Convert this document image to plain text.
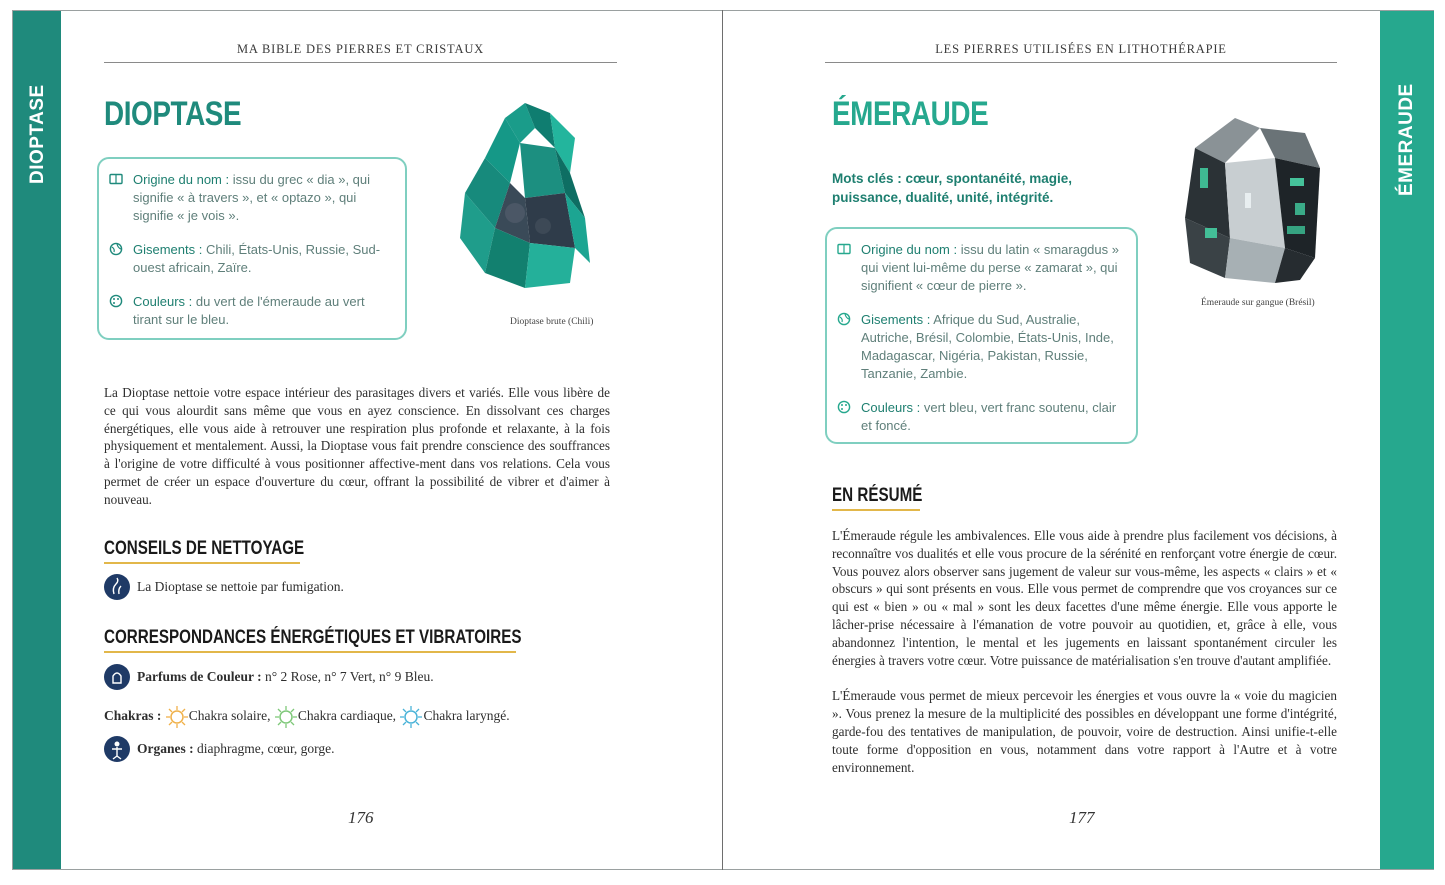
DIOPTASE
MA BIBLE DES PIERRES ET CRISTAUX
DIOPTASE
Origine du nom : issu du grec « dia », qui signifie « à travers », et « optazo », qui signifie « je vois ».
Gisements : Chili, États-Unis, Russie, Sud-ouest africain, Zaïre.
Couleurs : du vert de l'émeraude au vert tirant sur le bleu.	Dioptase brute (Chili)
La Dioptase nettoie votre espace intérieur des parasitages divers et variés. Elle vous libère de ce qui vous alourdit sans même que vous en ayez conscience. En dissolvant ces charges énergétiques, elle vous aide à retrouver une respiration plus profonde et relaxante, à la fois physiquement et mentalement. Aussi, la Dioptase vous fait prendre conscience des souffrances à l'origine de votre difficulté à vous positionner affective-ment dans vos relations. Cela vous permet de créer un espace d'ouverture du cœur, offrant la possibilité de vibrer et d'aimer à nouveau.
CONSEILS DE NETTOYAGE
La Dioptase se nettoie par fumigation.
CORRESPONDANCES ÉNERGÉTIQUES ET VIBRATOIRES
Parfums de Couleur : n° 2 Rose, n° 7 Vert, n° 9 Bleu.
Chakras : Chakra solaire, Chakra cardiaque, Chakra laryngé.
Organes : diaphragme, cœur, gorge.
176
ÉMERAUDE
LES PIERRES UTILISÉES EN LITHOTHÉRAPIE
ÉMERAUDE
Mots clés : cœur, spontanéité, magie, puissance, dualité, unité, intégrité.
Origine du nom : issu du latin « smaragdus » qui vient lui-même du perse « zamarat », qui signifient « cœur de pierre ».
Gisements : Afrique du Sud, Australie, Autriche, Brésil, Colombie, États-Unis, Inde, Madagascar, Nigéria, Pakistan, Russie, Tanzanie, Zambie.
Couleurs : vert bleu, vert franc soutenu, clair et foncé.
Émeraude sur gangue (Brésil)
EN RÉSUMÉ

L'Émeraude régule les ambivalences. Elle vous aide à prendre plus facilement vos décisions, à reconnaître vos dualités et elle vous procure de la sérénité en renforçant votre énergie de cœur. Vous pouvez alors observer sans jugement de valeur sur vous-même, les aspects « clairs » et « obscurs » qui sont présents en vous. Elle vous permet de comprendre que vos croyances sur ce qui est « bien » ou « mal » sont les deux facettes d'une même énergie. Elle vous apporte le lâcher-prise nécessaire à l'émanation de votre pouvoir au quotidien, et, grâce à elle, vous abandonnez l'intention, le mental et les jugements en laissant spontanément circuler les énergies à travers votre cœur. Votre puissance de matérialisation s'en trouve d'autant amplifiée.

L'Émeraude vous permet de mieux percevoir les énergies et vous ouvre la « voie du magicien ». Vous prenez la mesure de la multiplicité des possibles en développant une forme d'intégrité, garde-fou des tentatives de manipulation, de pouvoir, voire de destruction. Ainsi unifie-t-elle toute forme d'opposition en vous, notamment dans votre rapport à l'Autre et à votre environnement.

177
